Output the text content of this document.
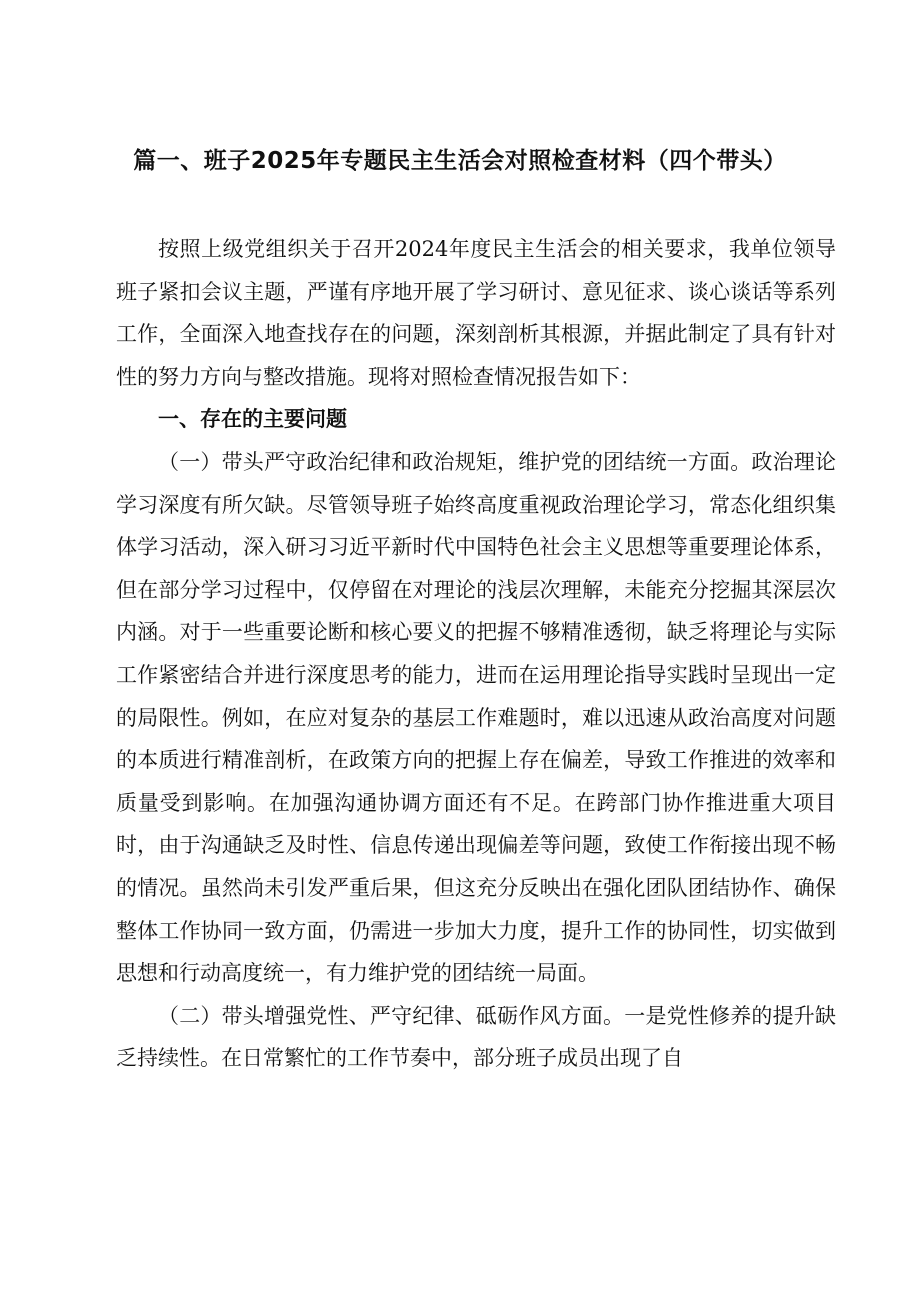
篇一、班子2025年专题民主生活会对照检查材料（四个带头）

按照上级党组织关于召开2024年度民主生活会的相关要求，我单位领导班子紧扣会议主题，严谨有序地开展了学习研讨、意见征求、谈心谈话等系列工作，全面深入地查找存在的问题，深刻剖析其根源，并据此制定了具有针对性的努力方向与整改措施。现将对照检查情况报告如下：

一、存在的主要问题

（一）带头严守政治纪律和政治规矩，维护党的团结统一方面。政治理论学习深度有所欠缺。尽管领导班子始终高度重视政治理论学习，常态化组织集体学习活动，深入研习习近平新时代中国特色社会主义思想等重要理论体系，但在部分学习过程中，仅停留在对理论的浅层次理解，未能充分挖掘其深层次内涵。对于一些重要论断和核心要义的把握不够精准透彻，缺乏将理论与实际工作紧密结合并进行深度思考的能力，进而在运用理论指导实践时呈现出一定的局限性。例如，在应对复杂的基层工作难题时，难以迅速从政治高度对问题的本质进行精准剖析，在政策方向的把握上存在偏差，导致工作推进的效率和质量受到影响。在加强沟通协调方面还有不足。在跨部门协作推进重大项目时，由于沟通缺乏及时性、信息传递出现偏差等问题，致使工作衔接出现不畅的情况。虽然尚未引发严重后果，但这充分反映出在强化团队团结协作、确保整体工作协同一致方面，仍需进一步加大力度，提升工作的协同性，切实做到思想和行动高度统一，有力维护党的团结统一局面。

（二）带头增强党性、严守纪律、砥砺作风方面。一是党性修养的提升缺乏持续性。在日常繁忙的工作节奏中，部分班子成员出现了自
